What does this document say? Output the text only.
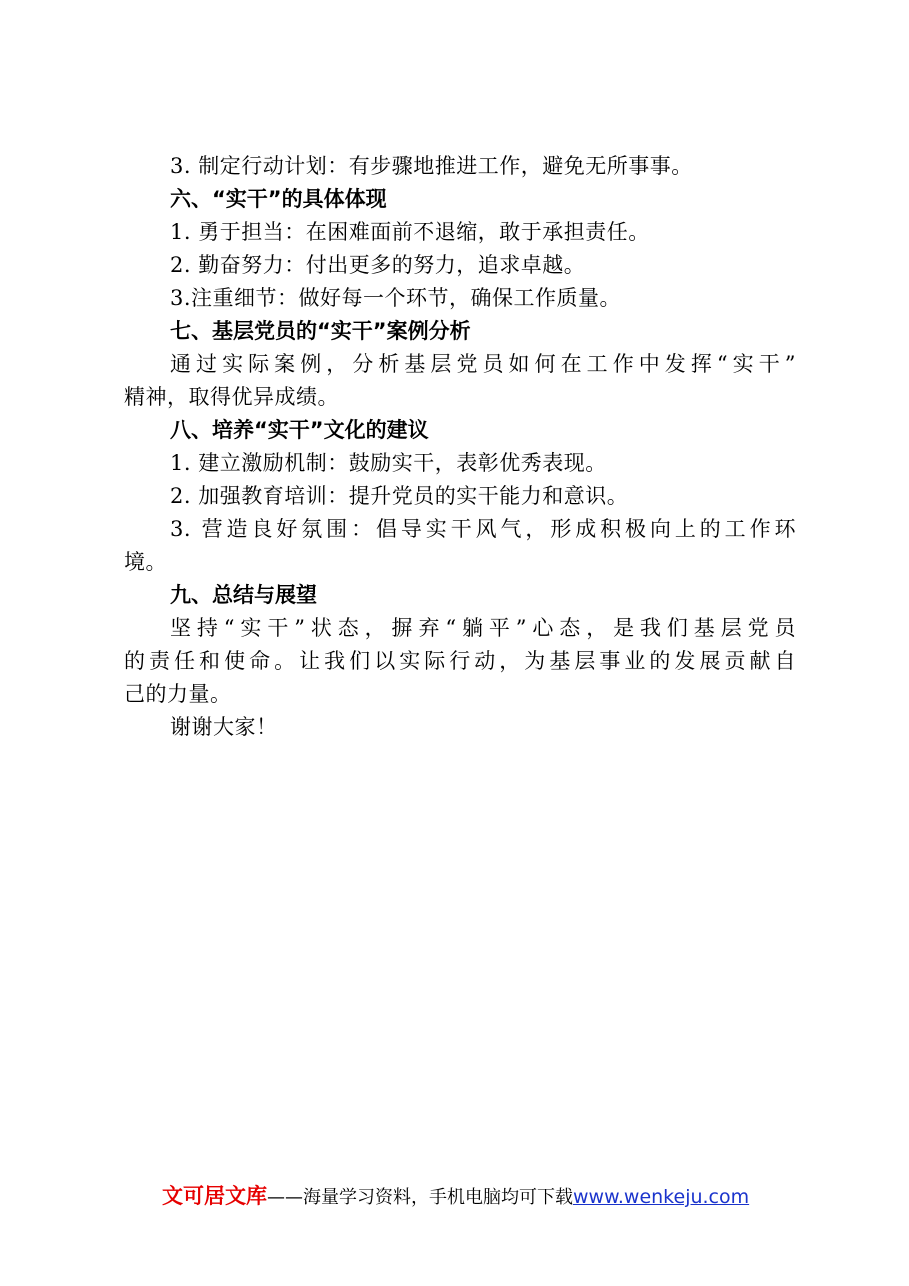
3. 制定行动计划：有步骤地推进工作，避免无所事事。
六、“实干”的具体体现
1. 勇于担当：在困难面前不退缩，敢于承担责任。
2. 勤奋努力：付出更多的努力，追求卓越。
3.注重细节：做好每一个环节，确保工作质量。
七、基层党员的“实干”案例分析
通过实际案例，分析基层党员如何在工作中发挥“实干”
精神，取得优异成绩。
八、培养“实干”文化的建议
1. 建立激励机制：鼓励实干，表彰优秀表现。
2. 加强教育培训：提升党员的实干能力和意识。
3. 营造良好氛围：倡导实干风气，形成积极向上的工作环
境。
九、总结与展望
坚持“实干”状态，摒弃“躺平”心态，是我们基层党员
的责任和使命。让我们以实际行动，为基层事业的发展贡献自
己的力量。
谢谢大家！
文可居文库——海量学习资料，手机电脑均可下载www.wenkeju.com
